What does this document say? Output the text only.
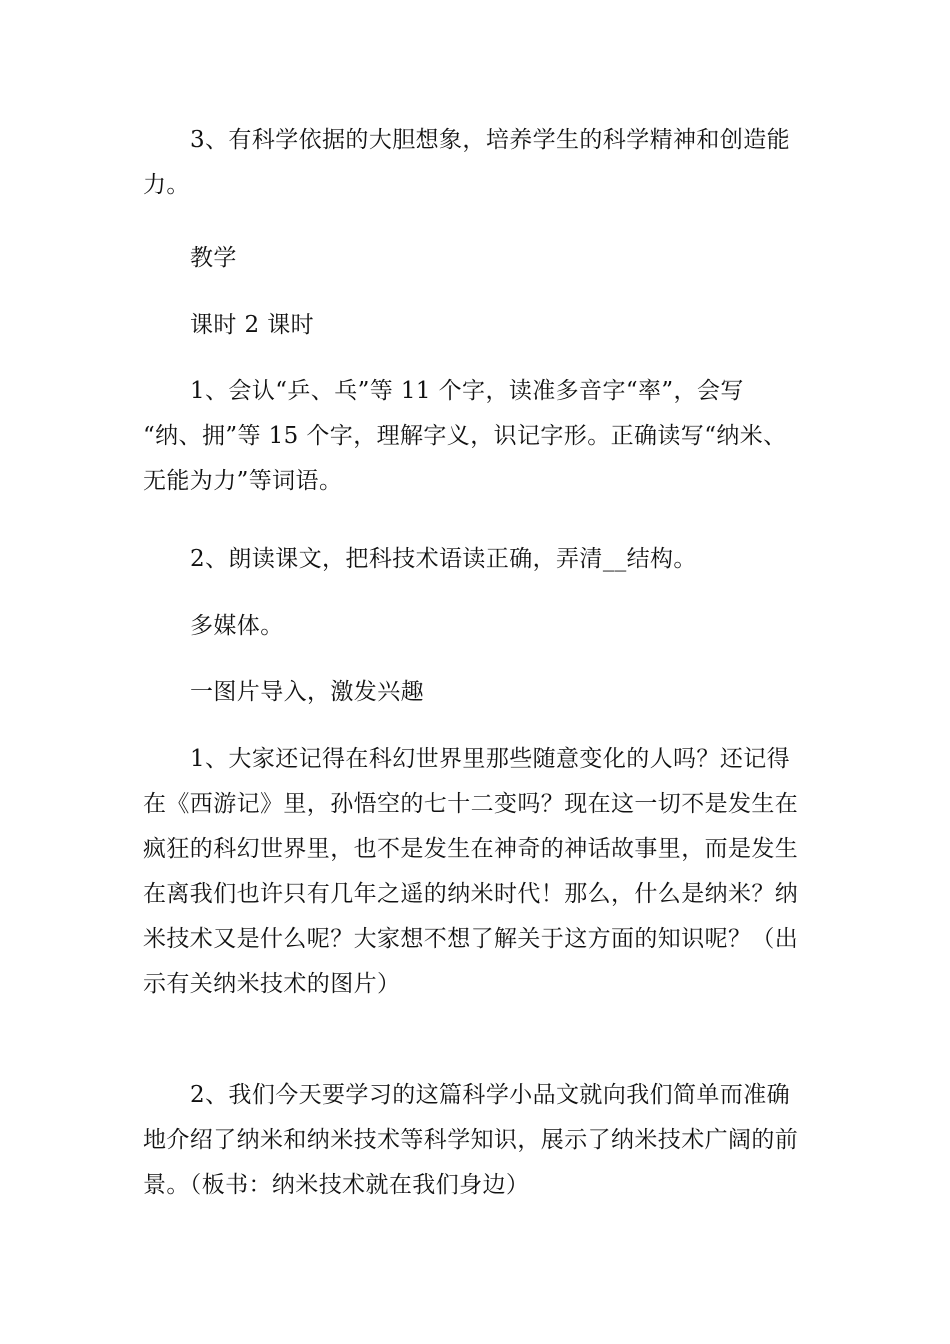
3、有科学依据的大胆想象，培养学生的科学精神和创造能
力。
教学
课时 2 课时
1、会认“乒、乓”等 11 个字，读准多音字“率”，会写
“纳、拥”等 15 个字，理解字义，识记字形。正确读写“纳米、
无能为力”等词语。
2、朗读课文，把科技术语读正确，弄清__结构。
多媒体。
一图片导入，激发兴趣
1、大家还记得在科幻世界里那些随意变化的人吗？还记得
在《西游记》里，孙悟空的七十二变吗？现在这一切不是发生在
疯狂的科幻世界里，也不是发生在神奇的神话故事里，而是发生
在离我们也许只有几年之遥的纳米时代！那么，什么是纳米？纳
米技术又是什么呢？大家想不想了解关于这方面的知识呢？（出
示有关纳米技术的图片）
2、我们今天要学习的这篇科学小品文就向我们简单而准确
地介绍了纳米和纳米技术等科学知识，展示了纳米技术广阔的前
景。（板书：纳米技术就在我们身边）
